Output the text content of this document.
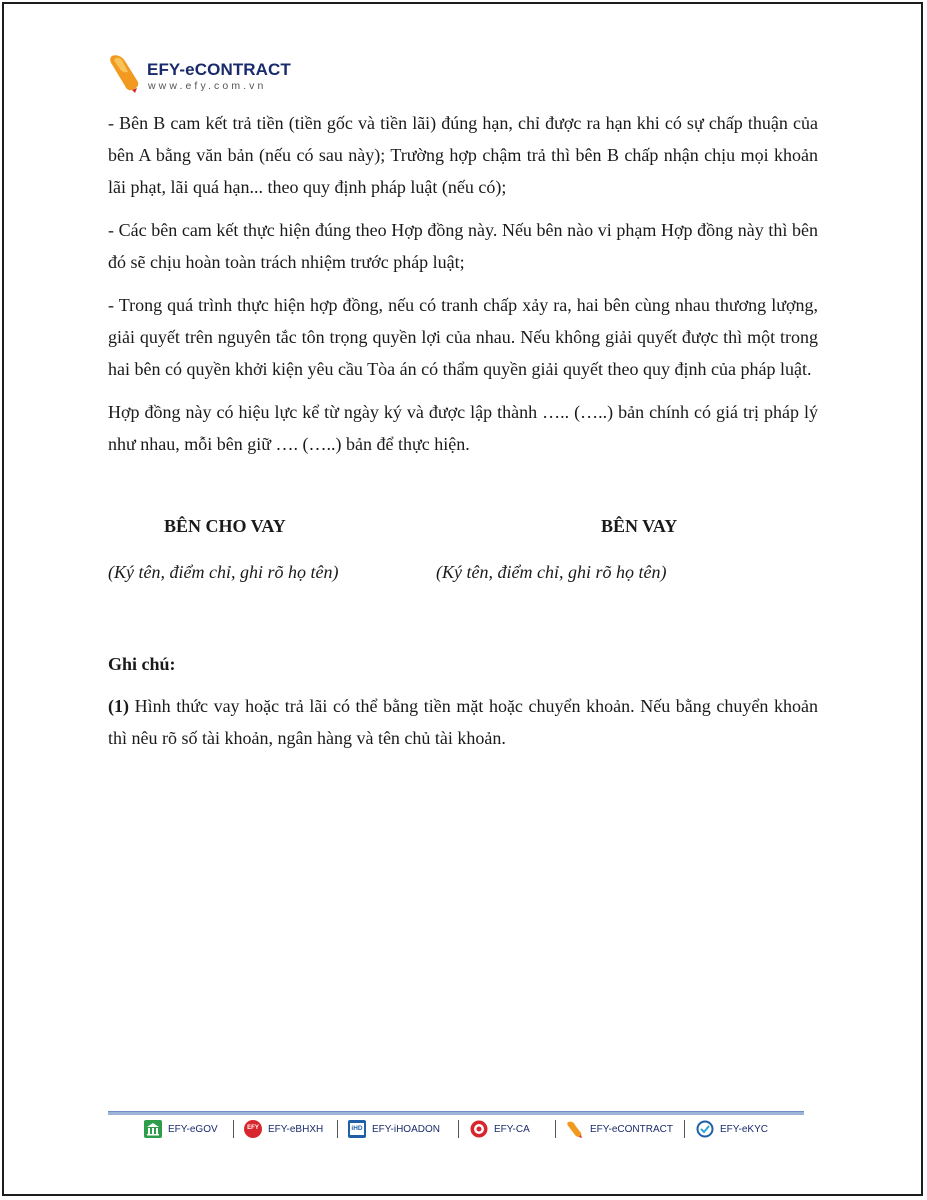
EFY-eCONTRACT
www.efy.com.vn

- Bên B cam kết trả tiền (tiền gốc và tiền lãi) đúng hạn, chỉ được ra hạn khi có sự chấp thuận của bên A bằng văn bản (nếu có sau này); Trường hợp chậm trả thì bên B chấp nhận chịu mọi khoản lãi phạt, lãi quá hạn... theo quy định pháp luật (nếu có);

- Các bên cam kết thực hiện đúng theo Hợp đồng này. Nếu bên nào vi phạm Hợp đồng này thì bên đó sẽ chịu hoàn toàn trách nhiệm trước pháp luật;

- Trong quá trình thực hiện hợp đồng, nếu có tranh chấp xảy ra, hai bên cùng nhau thương lượng, giải quyết trên nguyên tắc tôn trọng quyền lợi của nhau. Nếu không giải quyết được thì một trong hai bên có quyền khởi kiện yêu cầu Tòa án có thẩm quyền giải quyết theo quy định của pháp luật.

Hợp đồng này có hiệu lực kể từ ngày ký và được lập thành ….. (…..) bản chính có giá trị pháp lý như nhau, mỗi bên giữ …. (…..) bản để thực hiện.

BÊN CHO VAY	BÊN VAY
(Ký tên, điểm chỉ, ghi rõ họ tên)	(Ký tên, điểm chỉ, ghi rõ họ tên)
Ghi chú:

(1) Hình thức vay hoặc trả lãi có thể bằng tiền mặt hoặc chuyển khoản. Nếu bằng chuyển khoản thì nêu rõ số tài khoản, ngân hàng và tên chủ tài khoản.

EFY-eGOV	EFY EFY-eBHXH	iHD EFY-iHOADON	EFY-CA	EFY-eCONTRACT	EFY-eKYC
